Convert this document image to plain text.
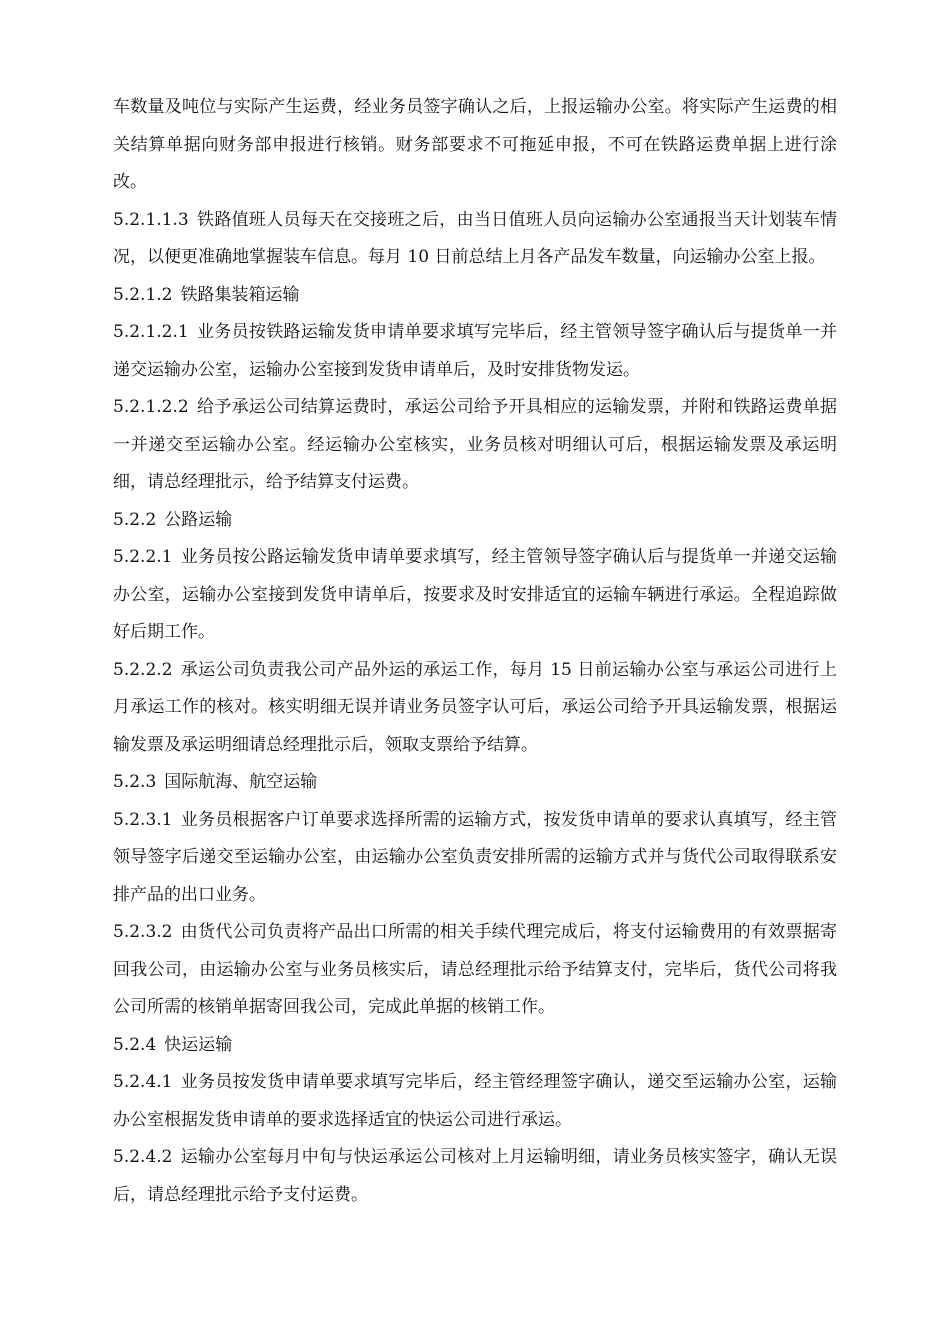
车数量及吨位与实际产生运费，经业务员签字确认之后，上报运输办公室。将实际产生运费的相关结算单据向财务部申报进行核销。财务部要求不可拖延申报，不可在铁路运费单据上进行涂改。

5.2.1.1.3 铁路值班人员每天在交接班之后，由当日值班人员向运输办公室通报当天计划装车情况，以便更准确地掌握装车信息。每月 10 日前总结上月各产品发车数量，向运输办公室上报。

5.2.1.2 铁路集装箱运输

5.2.1.2.1 业务员按铁路运输发货申请单要求填写完毕后，经主管领导签字确认后与提货单一并递交运输办公室，运输办公室接到发货申请单后，及时安排货物发运。

5.2.1.2.2 给予承运公司结算运费时，承运公司给予开具相应的运输发票，并附和铁路运费单据一并递交至运输办公室。经运输办公室核实，业务员核对明细认可后，根据运输发票及承运明细，请总经理批示，给予结算支付运费。

5.2.2 公路运输

5.2.2.1 业务员按公路运输发货申请单要求填写，经主管领导签字确认后与提货单一并递交运输办公室，运输办公室接到发货申请单后，按要求及时安排适宜的运输车辆进行承运。全程追踪做好后期工作。

5.2.2.2 承运公司负责我公司产品外运的承运工作，每月 15 日前运输办公室与承运公司进行上月承运工作的核对。核实明细无误并请业务员签字认可后，承运公司给予开具运输发票，根据运输发票及承运明细请总经理批示后，领取支票给予结算。

5.2.3 国际航海、航空运输

5.2.3.1 业务员根据客户订单要求选择所需的运输方式，按发货申请单的要求认真填写，经主管领导签字后递交至运输办公室，由运输办公室负责安排所需的运输方式并与货代公司取得联系安排产品的出口业务。

5.2.3.2 由货代公司负责将产品出口所需的相关手续代理完成后，将支付运输费用的有效票据寄回我公司，由运输办公室与业务员核实后，请总经理批示给予结算支付，完毕后，货代公司将我公司所需的核销单据寄回我公司，完成此单据的核销工作。

5.2.4 快运运输

5.2.4.1 业务员按发货申请单要求填写完毕后，经主管经理签字确认，递交至运输办公室，运输办公室根据发货申请单的要求选择适宜的快运公司进行承运。

5.2.4.2 运输办公室每月中旬与快运承运公司核对上月运输明细，请业务员核实签字，确认无误后，请总经理批示给予支付运费。
